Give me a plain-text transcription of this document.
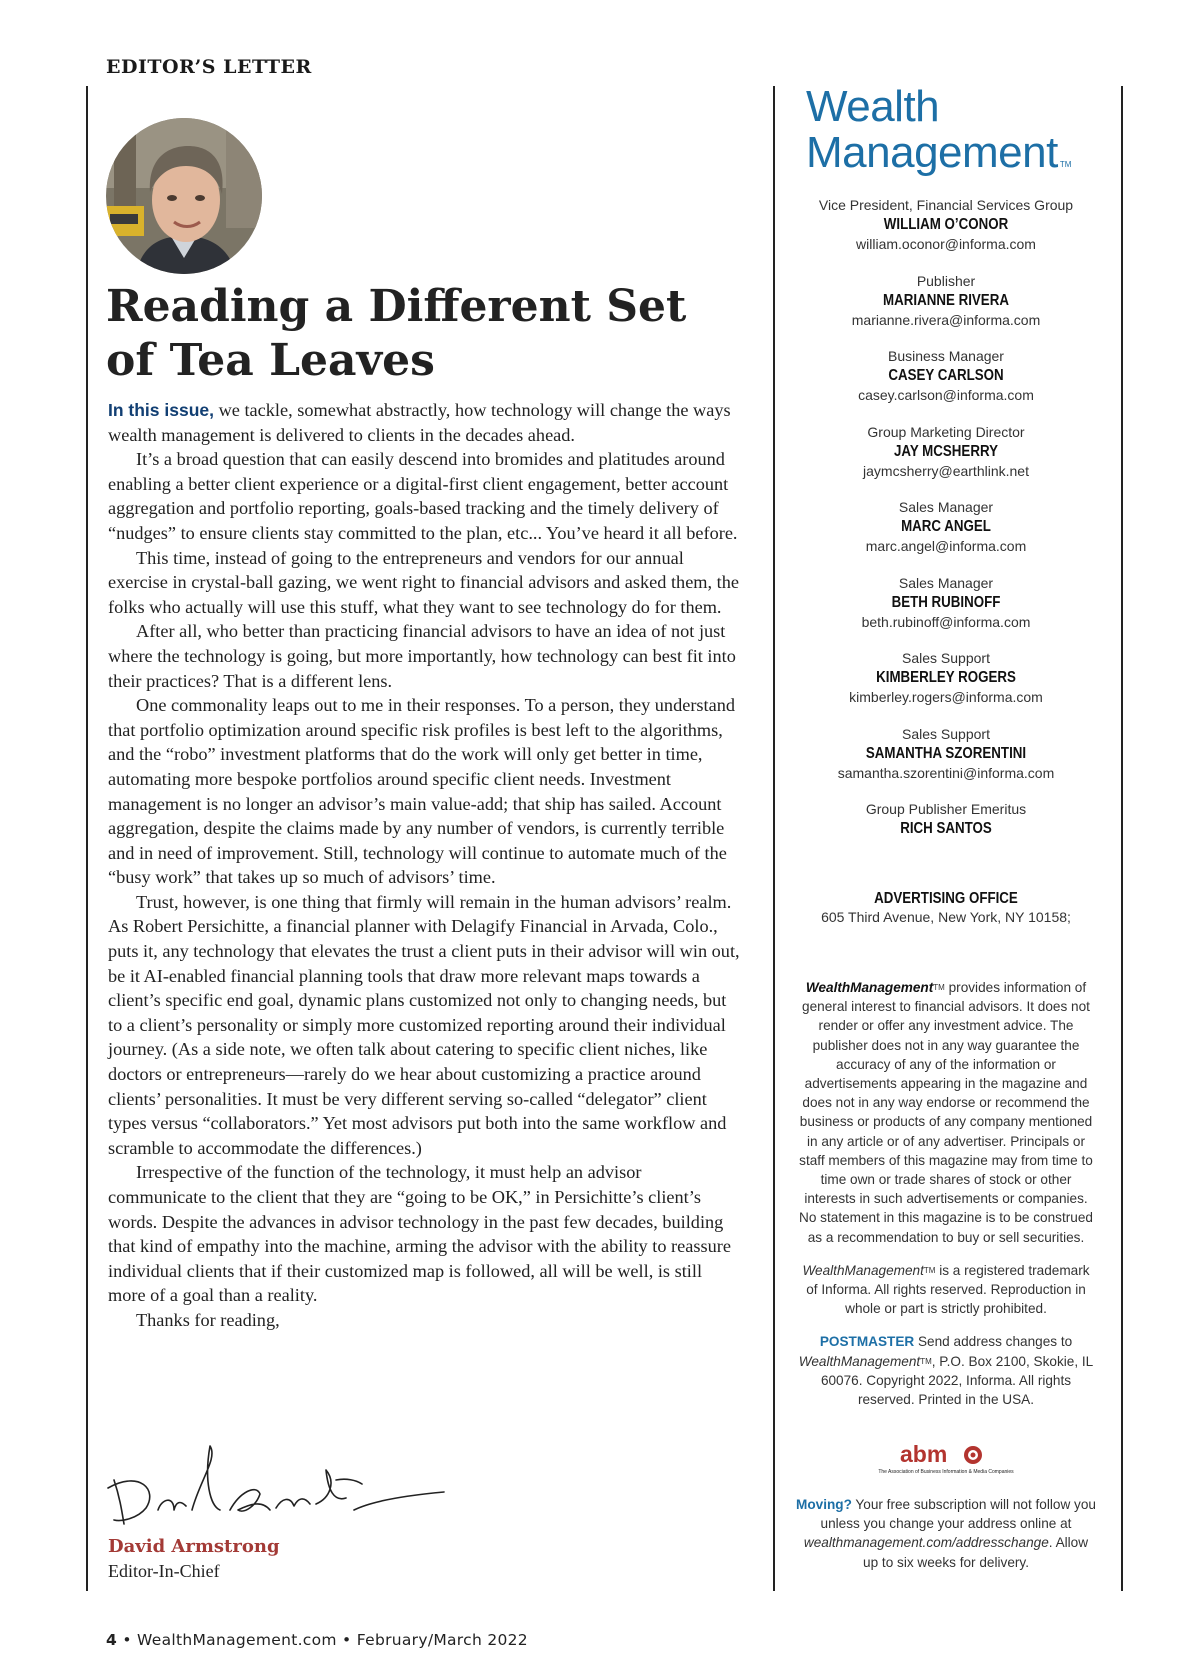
EDITOR’S LETTER
Reading a Different Set of Tea Leaves

In this issue, we tackle, somewhat abstractly, how technology will change the ways wealth management is delivered to clients in the decades ahead.

It’s a broad question that can easily descend into bromides and platitudes around enabling a better client experience or a digital-first client engagement, better account aggregation and portfolio reporting, goals-based tracking and the timely delivery of “nudges” to ensure clients stay committed to the plan, etc... You’ve heard it all before.

This time, instead of going to the entrepreneurs and vendors for our annual exercise in crystal-ball gazing, we went right to financial advisors and asked them, the folks who actually will use this stuff, what they want to see technology do for them.

After all, who better than practicing financial advisors to have an idea of not just where the technology is going, but more importantly, how technology can best fit into their practices? That is a different lens.

One commonality leaps out to me in their responses. To a person, they understand that portfolio optimization around specific risk profiles is best left to the algorithms, and the “robo” investment platforms that do the work will only get better in time, automating more bespoke portfolios around specific client needs. Investment management is no longer an advisor’s main value-add; that ship has sailed. Account aggregation, despite the claims made by any number of vendors, is currently terrible and in need of improvement. Still, technology will continue to automate much of the “busy work” that takes up so much of advisors’ time.

Trust, however, is one thing that firmly will remain in the human advisors’ realm. As Robert Persichitte, a financial planner with Delagify Financial in Arvada, Colo., puts it, any technology that elevates the trust a client puts in their advisor will win out, be it AI-enabled financial planning tools that draw more relevant maps towards a client’s specific end goal, dynamic plans customized not only to changing needs, but to a client’s personality or simply more customized reporting around their individual journey. (As a side note, we often talk about catering to specific client niches, like doctors or entrepreneurs—rarely do we hear about customizing a practice around clients’ personalities. It must be very different serving so-called “delegator” client types versus “collaborators.” Yet most advisors put both into the same workflow and scramble to accommodate the differences.)

Irrespective of the function of the technology, it must help an advisor communicate to the client that they are “going to be OK,” in Persichitte’s client’s words. Despite the advances in advisor technology in the past few decades, building that kind of empathy into the machine, arming the advisor with the ability to reassure individual clients that if their customized map is followed, all will be well, is still more of a goal than a reality.

Thanks for reading,

David Armstrong
Editor-In-Chief
4 • WealthManagement.com • February/March 2022
Wealth
Management TM
Vice President, Financial Services Group
WILLIAM O’CONOR
william.oconor@informa.com
Publisher
MARIANNE RIVERA
marianne.rivera@informa.com
Business Manager
CASEY CARLSON
casey.carlson@informa.com
Group Marketing Director
JAY MCSHERRY
jaymcsherry@earthlink.net
Sales Manager
MARC ANGEL
marc.angel@informa.com
Sales Manager
BETH RUBINOFF
beth.rubinoff@informa.com
Sales Support
KIMBERLEY ROGERS
kimberley.rogers@informa.com
Sales Support
SAMANTHA SZORENTINI
samantha.szorentini@informa.com
Group Publisher Emeritus
RICH SANTOS
ADVERTISING OFFICE
605 Third Avenue, New York, NY 10158;

WealthManagement™ provides information of general interest to financial advisors. It does not render or offer any investment advice. The publisher does not in any way guarantee the accuracy of any of the information or advertisements appearing in the magazine and does not in any way endorse or recommend the business or products of any company mentioned in any article or of any advertiser. Principals or staff members of this magazine may from time to time own or trade shares of stock or other interests in such advertisements or companies. No statement in this magazine is to be construed as a recommendation to buy or sell securities.

WealthManagement™ is a registered trademark of Informa. All rights reserved. Reproduction in whole or part is strictly prohibited.

POSTMASTER Send address changes to WealthManagement™, P.O. Box 2100, Skokie, IL 60076. Copyright 2022, Informa. All rights reserved. Printed in the USA.

abm
The Association of Business Information & Media Companies
Moving? Your free subscription will not follow you unless you change your address online at wealthmanagement.com/addresschange. Allow up to six weeks for delivery.
